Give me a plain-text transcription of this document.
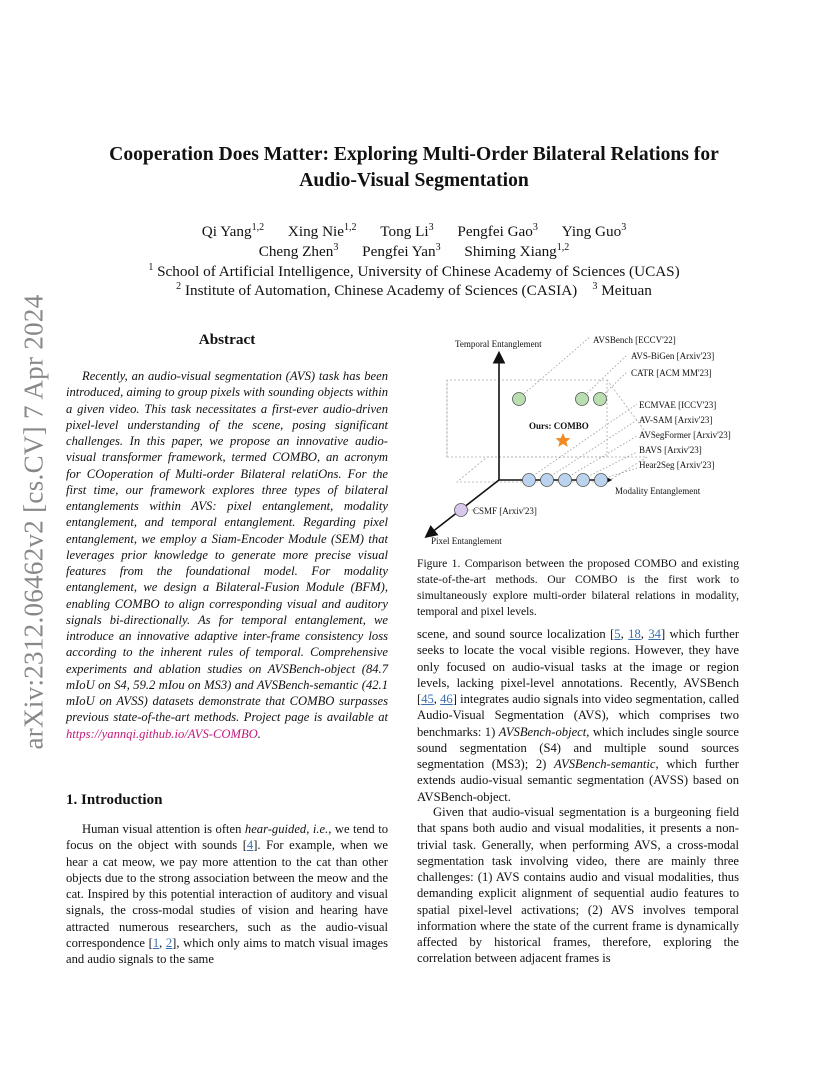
arXiv:2312.06462v2 [cs.CV] 7 Apr 2024
Cooperation Does Matter: Exploring Multi-Order Bilateral Relations for
Audio-Visual Segmentation
Qi Yang$^{1,2}$ Xing Nie$^{1,2}$ Tong Li$^3$ Pengfei Gao$^3$ Ying Guo$^3$
Cheng Zhen$^3$ Pengfei Yan$^3$ Shiming Xiang$^{1,2}$
$^1$ School of Artificial Intelligence, University of Chinese Academy of Sciences (UCAS)
$^2$ Institute of Automation, Chinese Academy of Sciences (CASIA) $^3$ Meituan
Abstract
Recently, an audio-visual segmentation (AVS) task has been introduced, aiming to group pixels with sounding objects within a given video. This task necessitates a first-ever audio-driven pixel-level understanding of the scene, posing significant challenges. In this paper, we propose an innovative audio-visual transformer framework, termed COMBO, an acronym for COoperation of Multi-order Bilateral relatiOns. For the first time, our framework explores three types of bilateral entanglements within AVS: pixel entanglement, modality entanglement, and temporal entanglement. Regarding pixel entanglement, we employ a Siam-Encoder Module (SEM) that leverages prior knowledge to generate more precise visual features from the foundational model. For modality entanglement, we design a Bilateral-Fusion Module (BFM), enabling COMBO to align corresponding visual and auditory signals bi-directionally. As for temporal entanglement, we introduce an innovative adaptive inter-frame consistency loss according to the inherent rules of temporal. Comprehensive experiments and ablation studies on AVSBench-object (84.7 mIoU on S4, 59.2 mIou on MS3) and AVSBench-semantic (42.1 mIoU on AVSS) datasets demonstrate that COMBO surpasses previous state-of-the-art methods. Project page is available at https://yannqi.github.io/AVS-COMBO.
1. Introduction
Human visual attention is often hear-guided, i.e., we tend to focus on the object with sounds [4]. For example, when we hear a cat meow, we pay more attention to the cat than other objects due to the strong association between the meow and the cat. Inspired by this potential interaction of auditory and visual signals, the cross-modal studies of vision and hearing have attracted numerous researchers, such as the audio-visual correspondence [1, 2], which only aims to match visual images and audio signals to the same
Temporal Entanglement
Modality Entanglement
Pixel Entanglement
Ours: COMBO
AVSBench [ECCV'22]
AVS-BiGen [Arxiv'23]
CATR [ACM MM'23]
ECMVAE [ICCV'23]
AV-SAM [Arxiv'23]
AVSegFormer [Arxiv'23]
BAVS [Arxiv'23]
Hear2Seg [Arxiv'23]
CSMF [Arxiv'23]
Figure 1. Comparison between the proposed COMBO and existing state-of-the-art methods. Our COMBO is the first work to simultaneously explore multi-order bilateral relations in modality, temporal and pixel levels.
scene, and sound source localization [5, 18, 34] which further seeks to locate the vocal visible regions. However, they have only focused on audio-visual tasks at the image or region levels, lacking pixel-level annotations. Recently, AVSBench [45, 46] integrates audio signals into video segmentation, called Audio-Visual Segmentation (AVS), which comprises two benchmarks: 1) AVSBench-object, which includes single source sound segmentation (S4) and multiple sound sources segmentation (MS3); 2) AVSBench-semantic, which further extends audio-visual semantic segmentation (AVSS) based on AVSBench-object.
Given that audio-visual segmentation is a burgeoning field that spans both audio and visual modalities, it presents a non-trivial task. Generally, when performing AVS, a cross-modal segmentation task involving video, there are mainly three challenges: (1) AVS contains audio and visual modalities, thus demanding explicit alignment of sequential audio features to spatial pixel-level activations; (2) AVS involves temporal information where the state of the current frame is dynamically affected by historical frames, therefore, exploring the correlation between adjacent frames is
